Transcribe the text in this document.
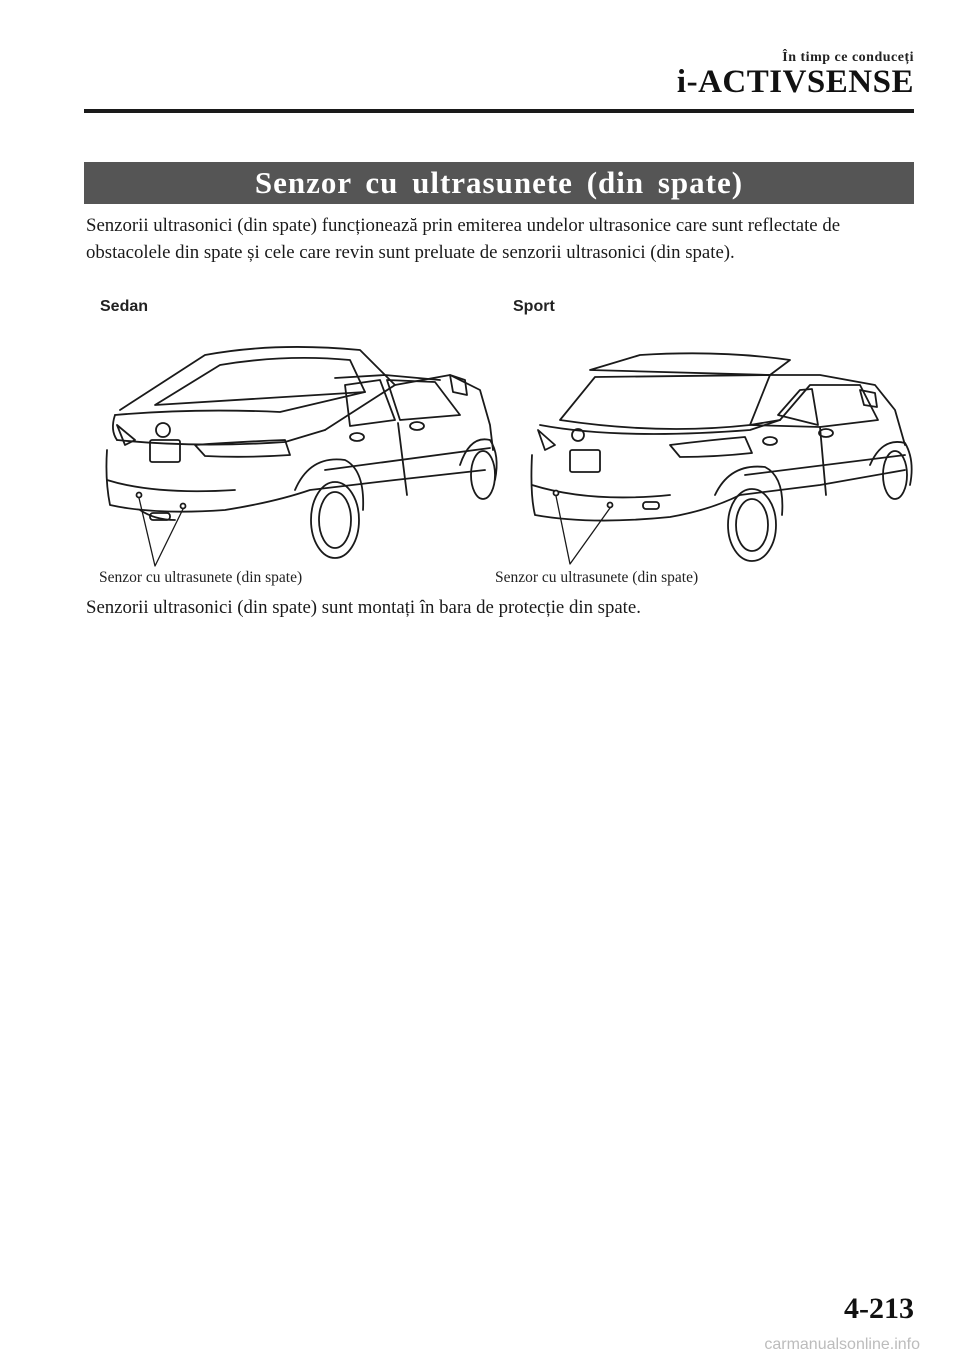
În timp ce conduceți
i-ACTIVSENSE
Senzor cu ultrasunete (din spate)

Senzorii ultrasonici (din spate) funcționează prin emiterea undelor ultrasonice care sunt reflectate de obstacolele din spate și cele care revin sunt preluate de senzorii ultrasonici (din spate).

Sedan	Sport
Senzor cu ultrasunete (din spate)	Senzor cu ultrasunete (din spate)

Senzorii ultrasonici (din spate) sunt montați în bara de protecție din spate.

4-213
carmanualsonline.info
